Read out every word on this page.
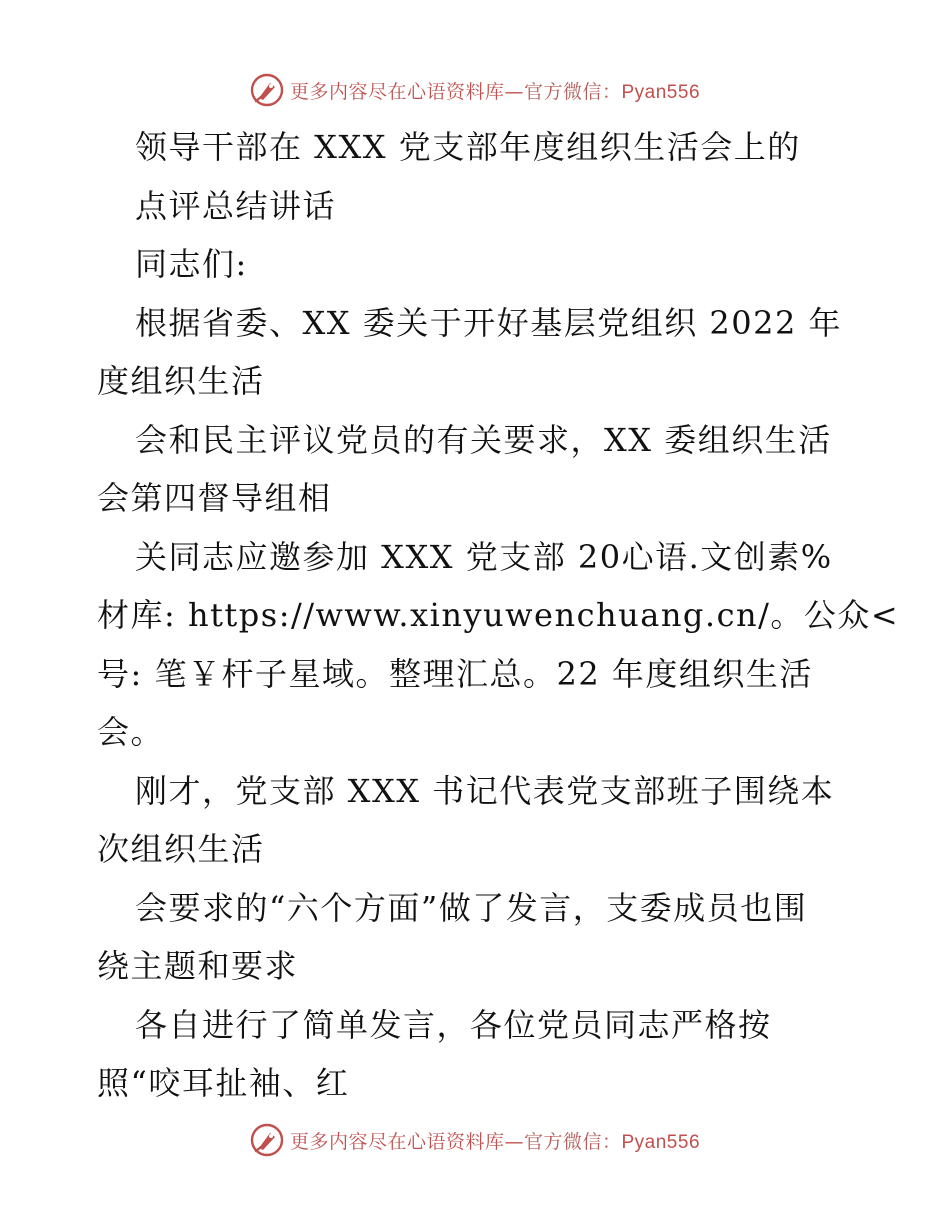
更多内容尽在心语资料库—官方微信：Pyan556
领导干部在 XXX 党支部年度组织生活会上的
点评总结讲话
同志们:
根据省委、XX 委关于开好基层党组织 2022 年
度组织生活
会和民主评议党员的有关要求，XX 委组织生活
会第四督导组相
关同志应邀参加 XXX 党支部 20心语.文创素%
材库: https://www.xinyuwenchuang.cn/。公众<
号: 笔￥杆子星域。整理汇总。22 年度组织生活
会。
刚才，党支部 XXX 书记代表党支部班子围绕本
次组织生活
会要求的“六个方面”做了发言，支委成员也围
绕主题和要求
各自进行了简单发言，各位党员同志严格按
照“咬耳扯袖、红
更多内容尽在心语资料库—官方微信：Pyan556
